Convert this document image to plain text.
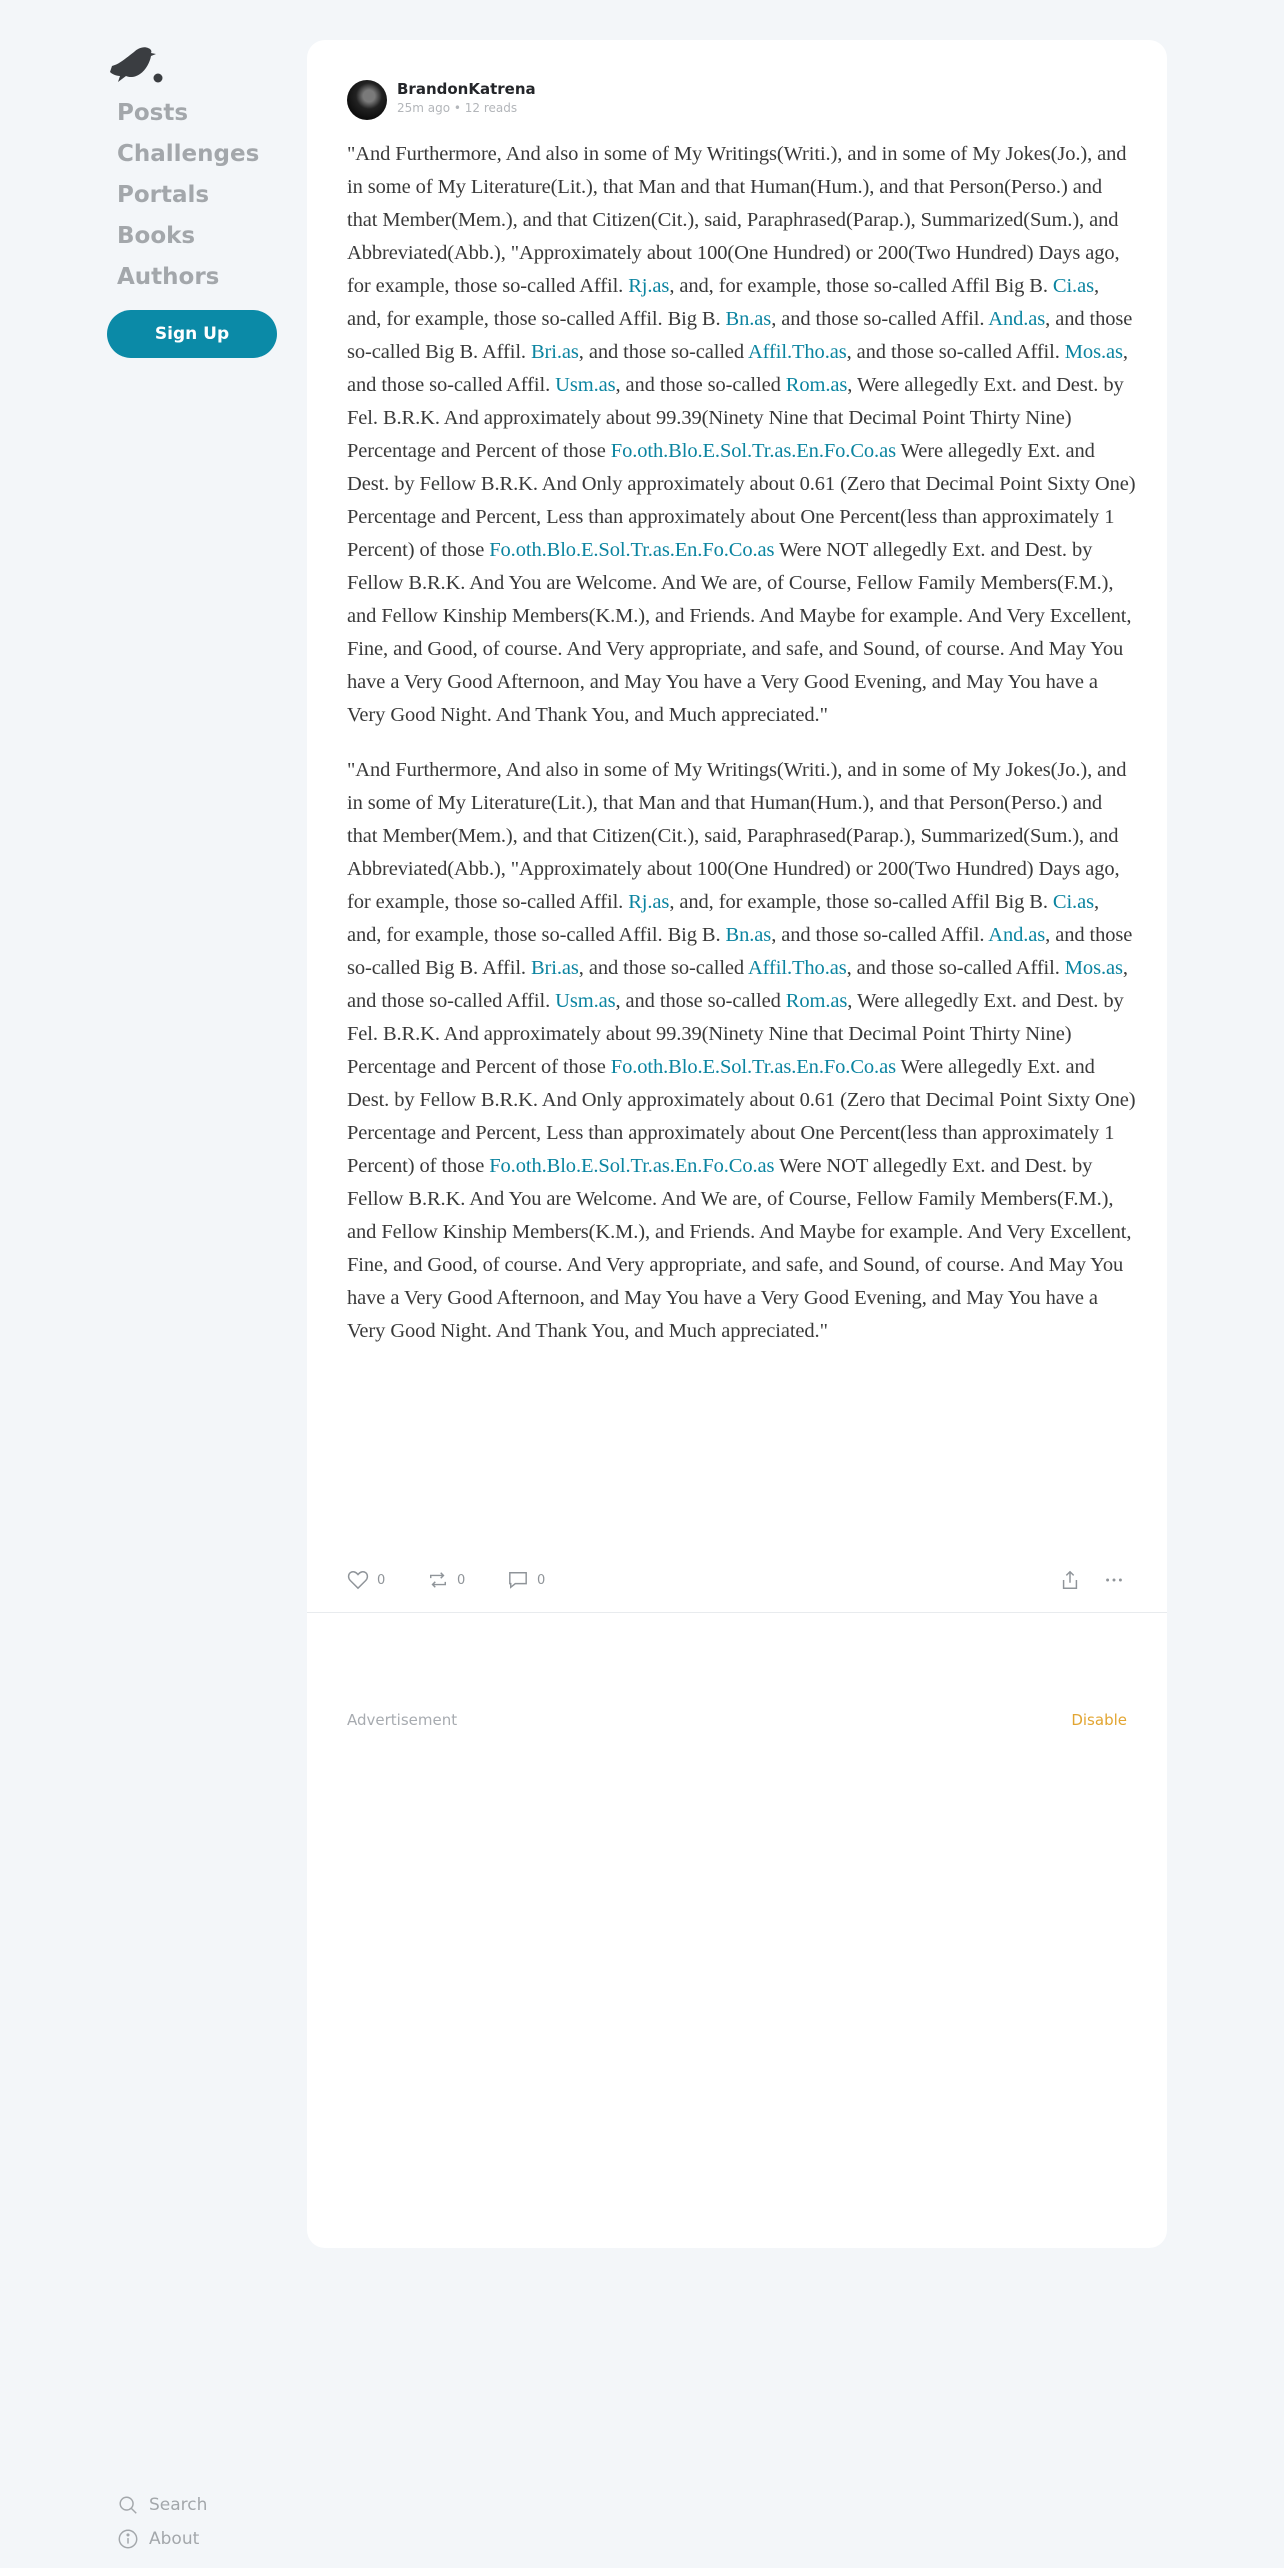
Posts
Challenges
Portals
Books
Authors
Sign Up
BrandonKatrena
25m ago • 12 reads

"And Furthermore, And also in some of My Writings(Writi.), and in some of My Jokes(Jo.), and in some of My Literature(Lit.), that Man and that Human(Hum.), and that Person(Perso.) and that Member(Mem.), and that Citizen(Cit.), said, Paraphrased(Parap.), Summarized(Sum.), and Abbreviated(Abb.), "Approximately about 100(One Hundred) or 200(Two Hundred) Days ago, for example, those so-called Affil. Rj.as, and, for example, those so-called Affil Big B. Ci.as, and, for example, those so-called Affil. Big B. Bn.as, and those so-called Affil. And.as, and those so-called Big B. Affil. Bri.as, and those so-called Affil.Tho.as, and those so-called Affil. Mos.as, and those so-called Affil. Usm.as, and those so-called Rom.as, Were allegedly Ext. and Dest. by Fel. B.R.K. And approximately about 99.39(Ninety Nine that Decimal Point Thirty Nine) Percentage and Percent of those Fo.oth.Blo.E.Sol.Tr.as.En.Fo.Co.as Were allegedly Ext. and Dest. by Fellow B.R.K. And Only approximately about 0.61 (Zero that Decimal Point Sixty One) Percentage and Percent, Less than approximately about One Percent(less than approximately 1 Percent) of those Fo.oth.Blo.E.Sol.Tr.as.En.Fo.Co.as Were NOT allegedly Ext. and Dest. by Fellow B.R.K. And You are Welcome. And We are, of Course, Fellow Family Members(F.M.), and Fellow Kinship Members(K.M.), and Friends. And Maybe for example. And Very Excellent, Fine, and Good, of course. And Very appropriate, and safe, and Sound, of course. And May You have a Very Good Afternoon, and May You have a Very Good Evening, and May You have a Very Good Night. And Thank You, and Much appreciated."

"And Furthermore, And also in some of My Writings(Writi.), and in some of My Jokes(Jo.), and in some of My Literature(Lit.), that Man and that Human(Hum.), and that Person(Perso.) and that Member(Mem.), and that Citizen(Cit.), said, Paraphrased(Parap.), Summarized(Sum.), and Abbreviated(Abb.), "Approximately about 100(One Hundred) or 200(Two Hundred) Days ago, for example, those so-called Affil. Rj.as, and, for example, those so-called Affil Big B. Ci.as, and, for example, those so-called Affil. Big B. Bn.as, and those so-called Affil. And.as, and those so-called Big B. Affil. Bri.as, and those so-called Affil.Tho.as, and those so-called Affil. Mos.as, and those so-called Affil. Usm.as, and those so-called Rom.as, Were allegedly Ext. and Dest. by Fel. B.R.K. And approximately about 99.39(Ninety Nine that Decimal Point Thirty Nine) Percentage and Percent of those Fo.oth.Blo.E.Sol.Tr.as.En.Fo.Co.as Were allegedly Ext. and Dest. by Fellow B.R.K. And Only approximately about 0.61 (Zero that Decimal Point Sixty One) Percentage and Percent, Less than approximately about One Percent(less than approximately 1 Percent) of those Fo.oth.Blo.E.Sol.Tr.as.En.Fo.Co.as Were NOT allegedly Ext. and Dest. by Fellow B.R.K. And You are Welcome. And We are, of Course, Fellow Family Members(F.M.), and Fellow Kinship Members(K.M.), and Friends. And Maybe for example. And Very Excellent, Fine, and Good, of course. And Very appropriate, and safe, and Sound, of course. And May You have a Very Good Afternoon, and May You have a Very Good Evening, and May You have a Very Good Night. And Thank You, and Much appreciated."

0	0	0
Advertisement	Disable
Search
About
